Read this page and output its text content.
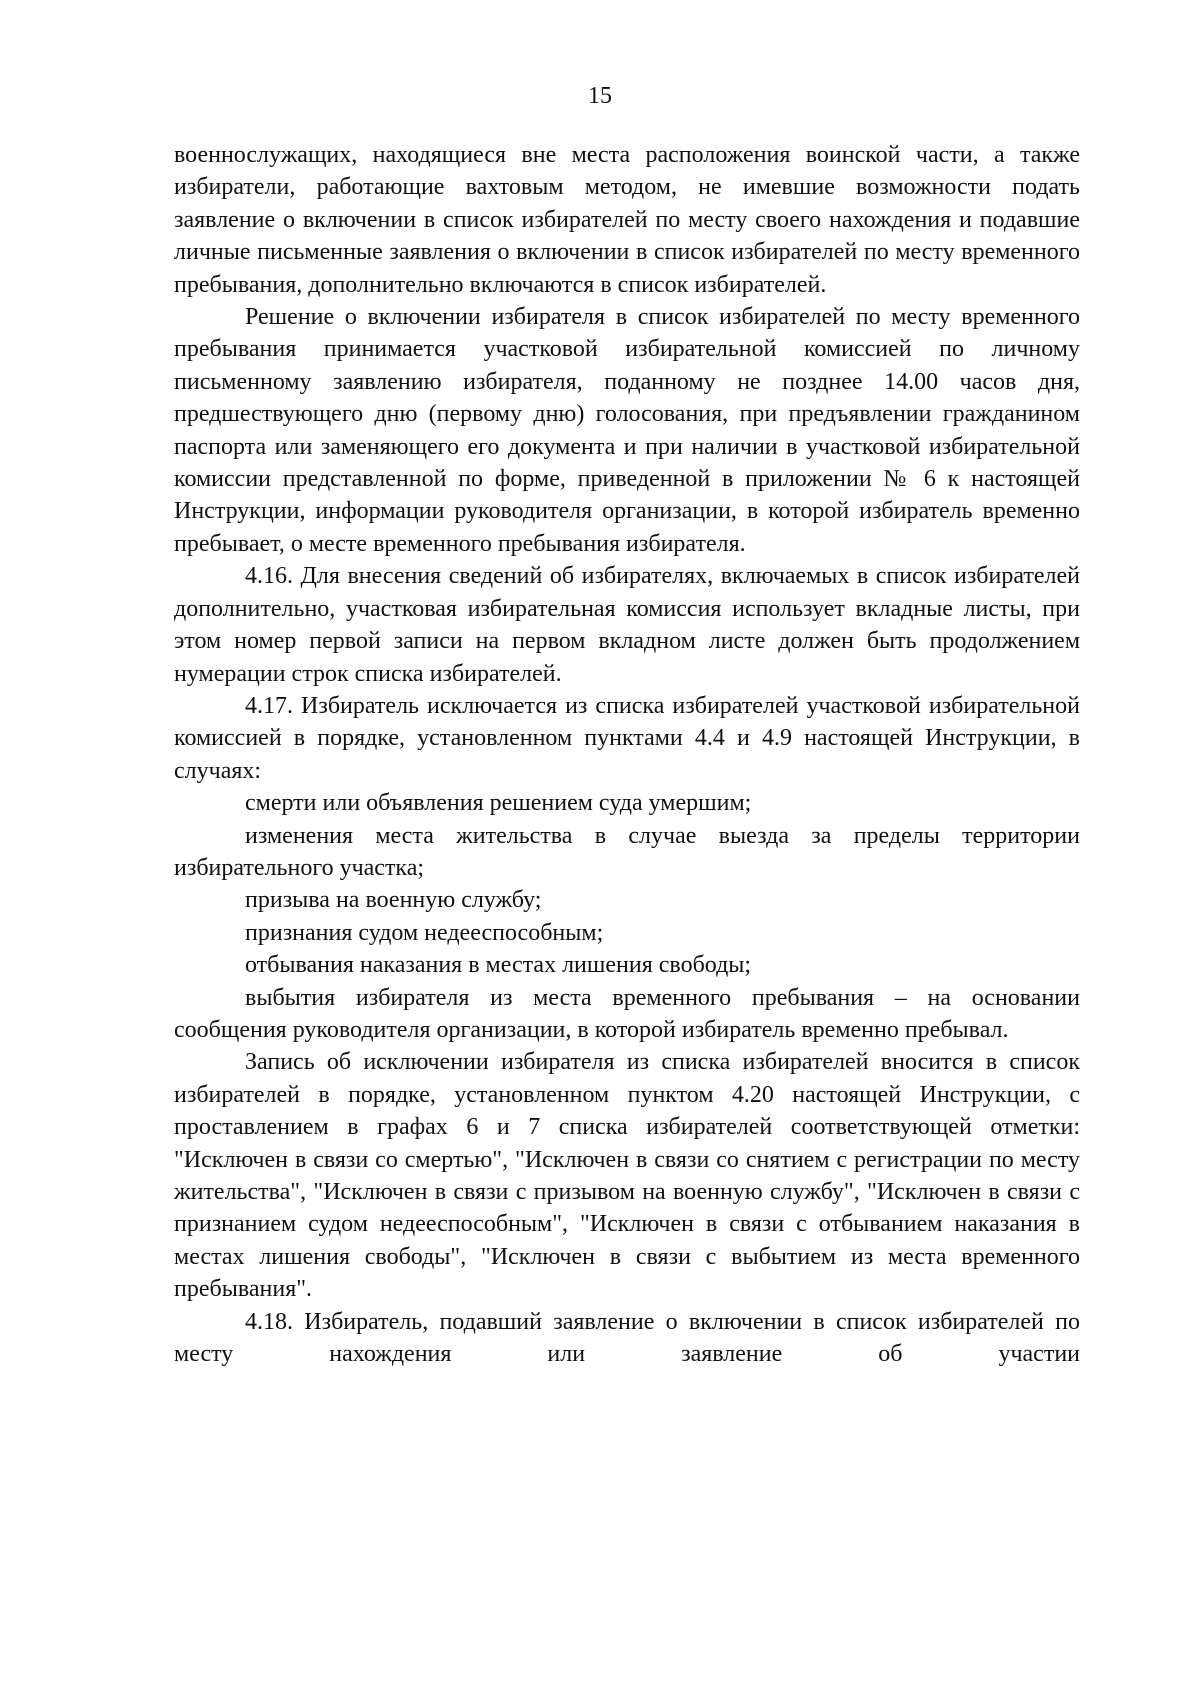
15

военнослужащих, находящиеся вне места расположения воинской части, а также избиратели, работающие вахтовым методом, не имевшие возможности подать заявление о включении в список избирателей по месту своего нахождения и подавшие личные письменные заявления о включении в список избирателей по месту временного пребывания, дополнительно включаются в список избирателей.

Решение о включении избирателя в список избирателей по месту временного пребывания принимается участковой избирательной комиссией по личному письменному заявлению избирателя, поданному не позднее 14.00 часов дня, предшествующего дню (первому дню) голосования, при предъявлении гражданином паспорта или заменяющего его документа и при наличии в участковой избирательной комиссии представленной по форме, приведенной в приложении № 6 к настоящей Инструкции, информации руководителя организации, в которой избиратель временно пребывает, о месте временного пребывания избирателя.

4.16. Для внесения сведений об избирателях, включаемых в список избирателей дополнительно, участковая избирательная комиссия использует вкладные листы, при этом номер первой записи на первом вкладном листе должен быть продолжением нумерации строк списка избирателей.

4.17. Избиратель исключается из списка избирателей участковой избирательной комиссией в порядке, установленном пунктами 4.4 и 4.9 настоящей Инструкции, в случаях:

смерти или объявления решением суда умершим;

изменения места жительства в случае выезда за пределы территории избирательного участка;

призыва на военную службу;

признания судом недееспособным;

отбывания наказания в местах лишения свободы;

выбытия избирателя из места временного пребывания – на основании сообщения руководителя организации, в которой избиратель временно пребывал.

Запись об исключении избирателя из списка избирателей вносится в список избирателей в порядке, установленном пунктом 4.20 настоящей Инструкции, с проставлением в графах 6 и 7 списка избирателей соответствующей отметки: "Исключен в связи со смертью", "Исключен в связи со снятием с регистрации по месту жительства", "Исключен в связи с призывом на военную службу", "Исключен в связи с признанием судом недееспособным", "Исключен в связи с отбыванием наказания в местах лишения свободы", "Исключен в связи с выбытием из места временного пребывания".

4.18. Избиратель, подавший заявление о включении в список избирателей по месту нахождения или заявление об участии
